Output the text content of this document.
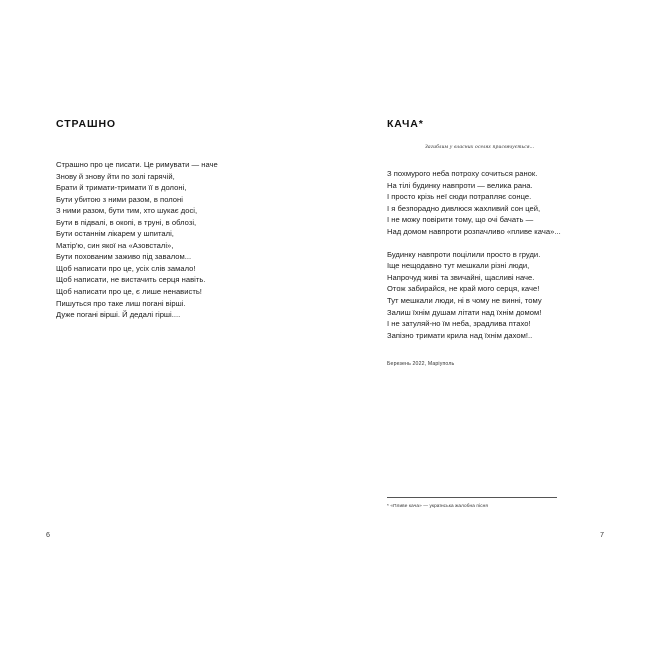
СТРАШНО
Страшно про це писати. Це римувати — наче
Знову й знову йти по золі гарячій,
Брати й тримати-тримати її в долоні,
Бути убитою з ними разом, в полоні
З ними разом, бути тим, хто шукає досі,
Бути в підвалі, в окопі, в труні, в облозі,
Бути останнім лікарем у шпиталі,
Матір'ю, син якої на «Азовсталі»,
Бути похованим заживо під завалом...
Щоб написати про це, усіх слів замало!
Щоб написати, не вистачить серця навіть.
Щоб написати про це, є лише ненависть!
Пишуться про таке лиш погані вірші.
Дуже погані вірші. Й дедалі гірші....
6
КАЧА*
Загиблим у власних оселях присвячується...
З похмурого неба потроху сочиться ранок.
На тілі будинку навпроти — велика рана.
І просто крізь неї сюди потрапляє сонце.
І я безпорадно дивлюся жахливий сон цей,
І не можу повірити тому, що очі бачать —
Над домом навпроти розпачливо «пливе кача»...
Будинку навпроти поцілили просто в груди.
Іще нещодавно тут мешкали різні люди,
Напрочуд живі та звичайні, щасливі наче.
Отож забирайся, не край мого серця, каче!
Тут мешкали люди, ні в чому не винні, тому
Залиш їхнім душам літати над їхнім домом!
І не затуляй-но їм неба, зрадлива птахо!
Запізно тримати крила над їхнім дахом!..
Березень 2022, Маріуполь
* «Пливе кача» — українська жалобна пісня
7
